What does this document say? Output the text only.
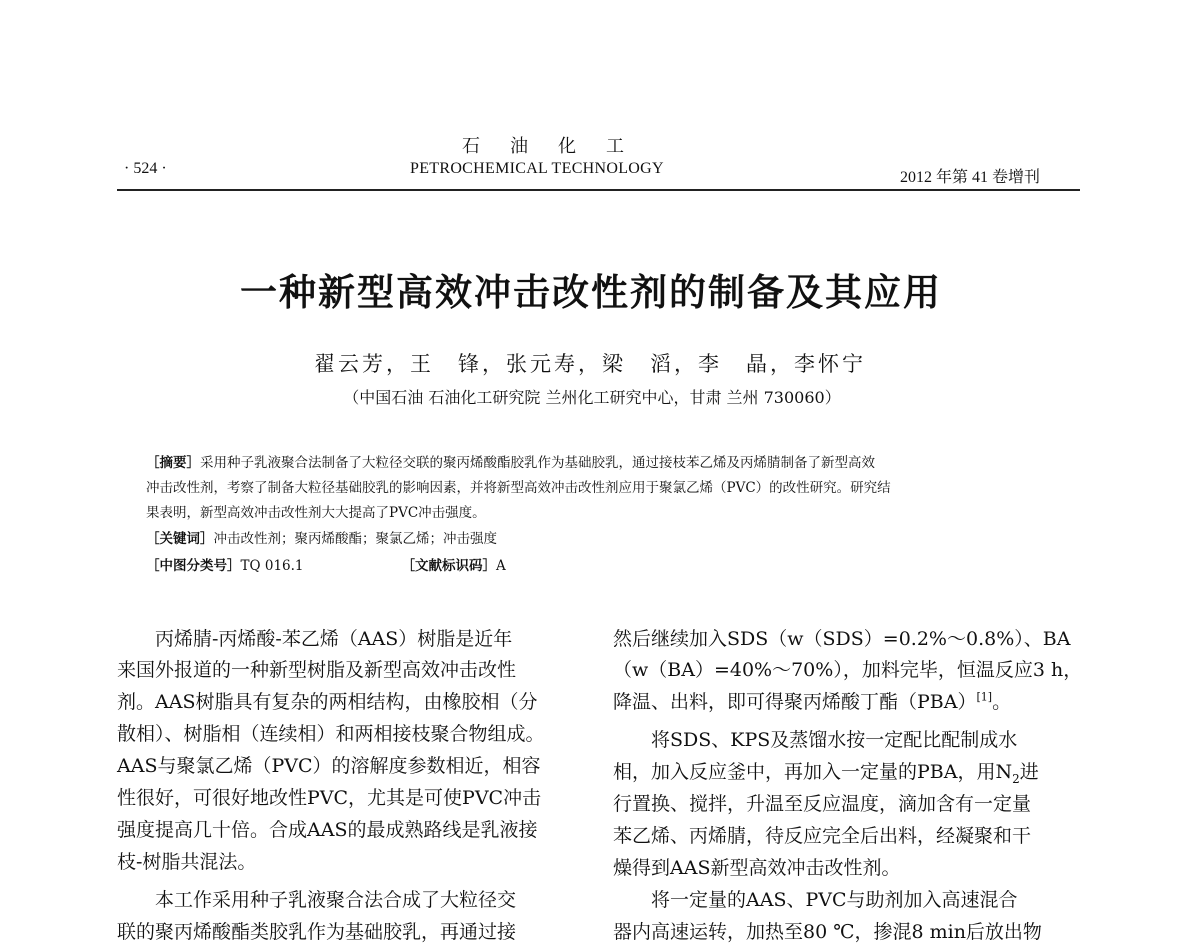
石油化工
· 524 ·	PETROCHEMICAL TECHNOLOGY
2012 年第 41 卷增刊
一种新型高效冲击改性剂的制备及其应用
翟云芳，王　锋，张元寿，梁　滔，李　晶，李怀宁
（中国石油 石油化工研究院 兰州化工研究中心，甘肃 兰州 730060）
［摘要］采用种子乳液聚合法制备了大粒径交联的聚丙烯酸酯胶乳作为基础胶乳，通过接枝苯乙烯及丙烯腈制备了新型高效
冲击改性剂，考察了制备大粒径基础胶乳的影响因素，并将新型高效冲击改性剂应用于聚氯乙烯（PVC）的改性研究。研究结
果表明，新型高效冲击改性剂大大提高了PVC冲击强度。
［关键词］冲击改性剂；聚丙烯酸酯；聚氯乙烯；冲击强度
［中图分类号］TQ 016.1	［文献标识码］A
丙烯腈-丙烯酸-苯乙烯（AAS）树脂是近年
来国外报道的一种新型树脂及新型高效冲击改性
剂。AAS树脂具有复杂的两相结构，由橡胶相（分
散相）、树脂相（连续相）和两相接枝聚合物组成。
AAS与聚氯乙烯（PVC）的溶解度参数相近，相容
性很好，可很好地改性PVC，尤其是可使PVC冲击
强度提高几十倍。合成AAS的最成熟路线是乳液接
枝-树脂共混法。
本工作采用种子乳液聚合法合成了大粒径交
联的聚丙烯酸酯类胶乳作为基础胶乳，再通过接
然后继续加入SDS（w（SDS）=0.2%～0.8%）、BA
（w（BA）=40%～70%），加料完毕，恒温反应3 h，
降温、出料，即可得聚丙烯酸丁酯（PBA）[1]。
将SDS、KPS及蒸馏水按一定配比配制成水
相，加入反应釜中，再加入一定量的PBA，用$N_2$进
行置换、搅拌，升温至反应温度，滴加含有一定量
苯乙烯、丙烯腈，待反应完全后出料，经凝聚和干
燥得到AAS新型高效冲击改性剂。
将一定量的AAS、PVC与助剂加入高速混合
器内高速运转，加热至80 ℃，掺混8 min后放出物
